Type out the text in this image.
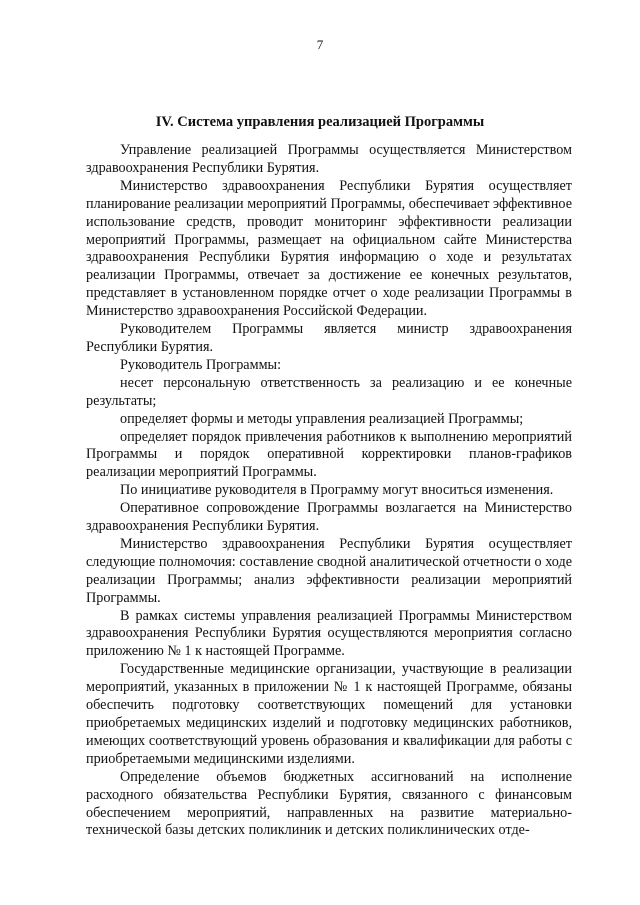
7
IV. Система управления реализацией Программы

Управление реализацией Программы осуществляется Министерством здравоохранения Республики Бурятия.

Министерство здравоохранения Республики Бурятия осуществляет планирование реализации мероприятий Программы, обеспечивает эффективное использование средств, проводит мониторинг эффективности реализации мероприятий Программы, размещает на официальном сайте Министерства здравоохранения Республики Бурятия информацию о ходе и результатах реализации Программы, отвечает за достижение ее конечных результатов, представляет в установленном порядке отчет о ходе реализации Программы в Министерство здравоохранения Российской Федерации.

Руководителем Программы является министр здравоохранения Республики Бурятия.

Руководитель Программы:

несет персональную ответственность за реализацию и ее конечные результаты;

определяет формы и методы управления реализацией Программы;

определяет порядок привлечения работников к выполнению мероприятий Программы и порядок оперативной корректировки планов-графиков реализации мероприятий Программы.

По инициативе руководителя в Программу могут вноситься изменения.

Оперативное сопровождение Программы возлагается на Министерство здравоохранения Республики Бурятия.

Министерство здравоохранения Республики Бурятия осуществляет следующие полномочия: составление сводной аналитической отчетности о ходе реализации Программы; анализ эффективности реализации мероприятий Программы.

В рамках системы управления реализацией Программы Министерством здравоохранения Республики Бурятия осуществляются мероприятия согласно приложению № 1 к настоящей Программе.

Государственные медицинские организации, участвующие в реализации мероприятий, указанных в приложении № 1 к настоящей Программе, обязаны обеспечить подготовку соответствующих помещений для установки приобретаемых медицинских изделий и подготовку медицинских работников, имеющих соответствующий уровень образования и квалификации для работы с приобретаемыми медицинскими изделиями.

Определение объемов бюджетных ассигнований на исполнение расходного обязательства Республики Бурятия, связанного с финансовым обеспечением мероприятий, направленных на развитие материально-технической базы детских поликлиник и детских поликлинических отде-
